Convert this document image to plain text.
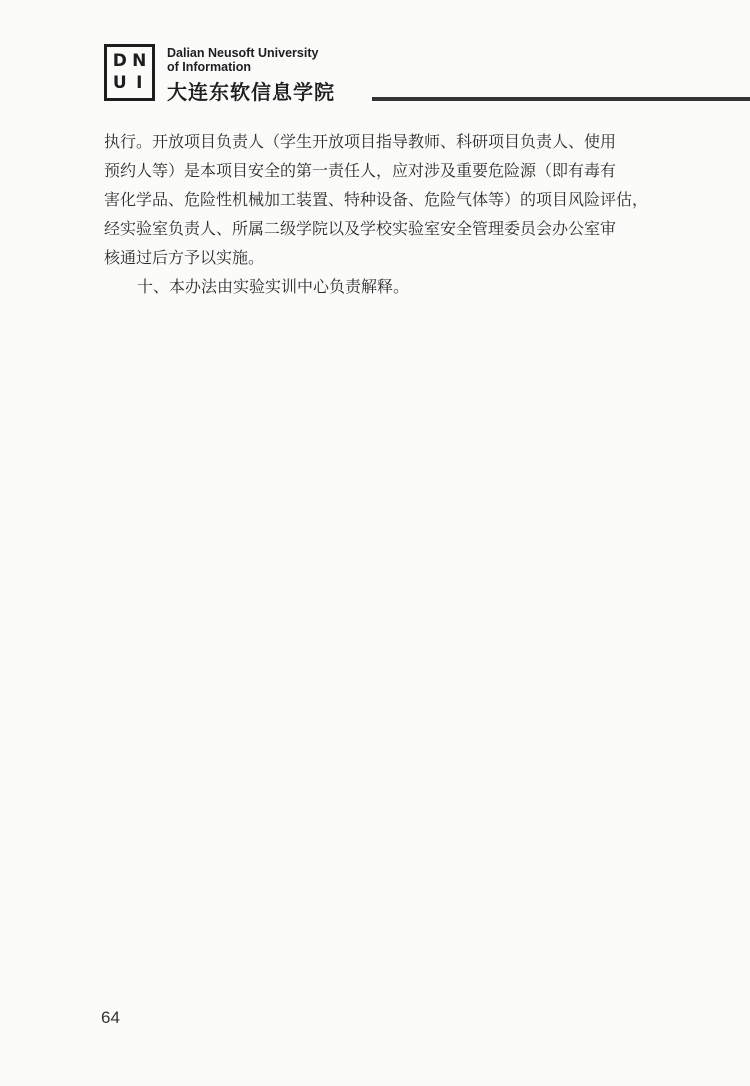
D N
U I
Dalian Neusoft University
of Information
大连东软信息学院
执行。开放项目负责人（学生开放项目指导教师、科研项目负责人、使用
预约人等）是本项目安全的第一责任人，应对涉及重要危险源（即有毒有
害化学品、危险性机械加工装置、特种设备、危险气体等）的项目风险评估，
经实验室负责人、所属二级学院以及学校实验室安全管理委员会办公室审
核通过后方予以实施。
十、本办法由实验实训中心负责解释。
64
